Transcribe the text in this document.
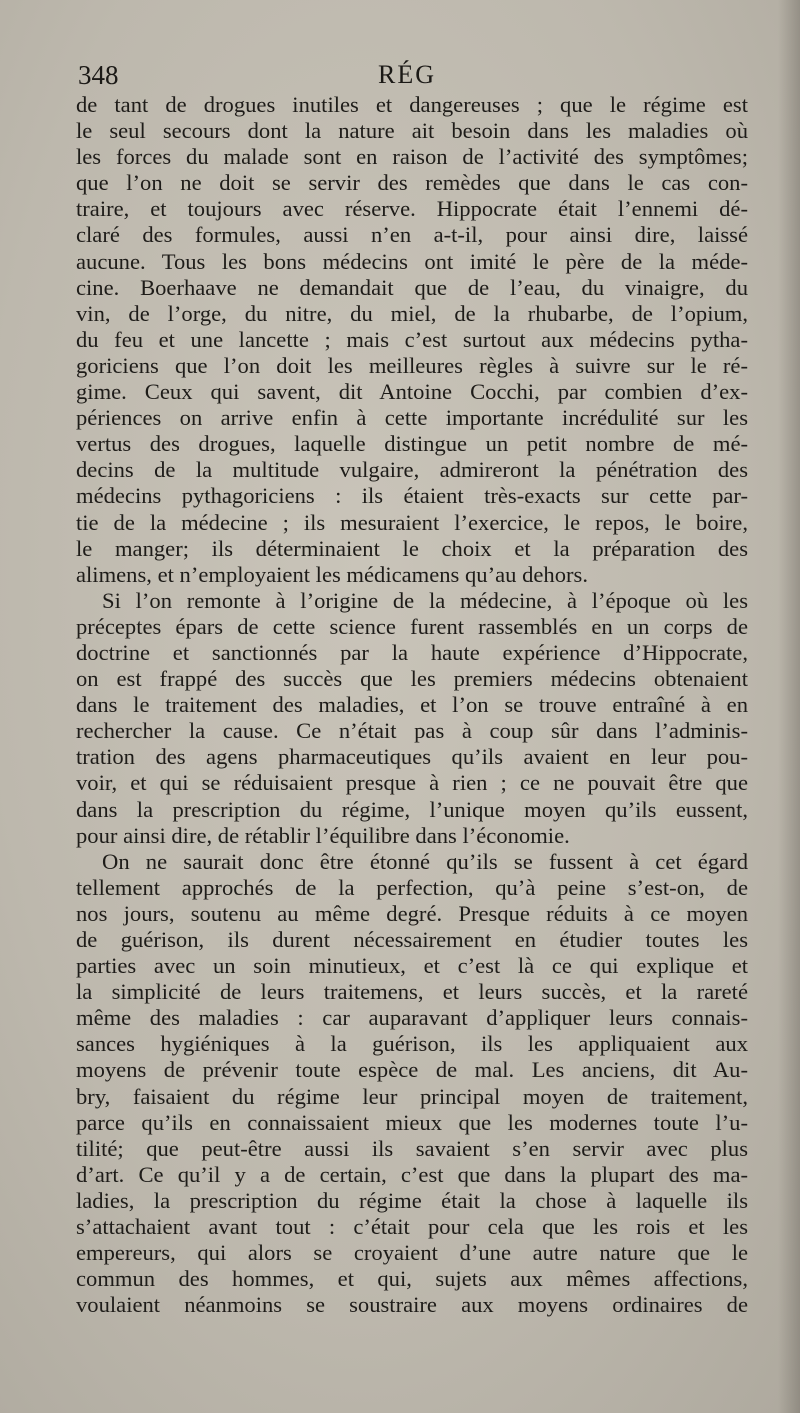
348	RÉG
de tant de drogues inutiles et dangereuses ; que le régime est
le seul secours dont la nature ait besoin dans les maladies où
les forces du malade sont en raison de l’activité des symptômes;
que l’on ne doit se servir des remèdes que dans le cas con-
traire, et toujours avec réserve. Hippocrate était l’ennemi dé-
claré des formules, aussi n’en a-t-il, pour ainsi dire, laissé
aucune. Tous les bons médecins ont imité le père de la méde-
cine. Boerhaave ne demandait que de l’eau, du vinaigre, du
vin, de l’orge, du nitre, du miel, de la rhubarbe, de l’opium,
du feu et une lancette ; mais c’est surtout aux médecins pytha-
goriciens que l’on doit les meilleures règles à suivre sur le ré-
gime. Ceux qui savent, dit Antoine Cocchi, par combien d’ex-
périences on arrive enfin à cette importante incrédulité sur les
vertus des drogues, laquelle distingue un petit nombre de mé-
decins de la multitude vulgaire, admireront la pénétration des
médecins pythagoriciens : ils étaient très-exacts sur cette par-
tie de la médecine ; ils mesuraient l’exercice, le repos, le boire,
le manger; ils déterminaient le choix et la préparation des
alimens, et n’employaient les médicamens qu’au dehors.
Si l’on remonte à l’origine de la médecine, à l’époque où les
préceptes épars de cette science furent rassemblés en un corps de
doctrine et sanctionnés par la haute expérience d’Hippocrate,
on est frappé des succès que les premiers médecins obtenaient
dans le traitement des maladies, et l’on se trouve entraîné à en
rechercher la cause. Ce n’était pas à coup sûr dans l’adminis-
tration des agens pharmaceutiques qu’ils avaient en leur pou-
voir, et qui se réduisaient presque à rien ; ce ne pouvait être que
dans la prescription du régime, l’unique moyen qu’ils eussent,
pour ainsi dire, de rétablir l’équilibre dans l’économie.
On ne saurait donc être étonné qu’ils se fussent à cet égard
tellement approchés de la perfection, qu’à peine s’est-on, de
nos jours, soutenu au même degré. Presque réduits à ce moyen
de guérison, ils durent nécessairement en étudier toutes les
parties avec un soin minutieux, et c’est là ce qui explique et
la simplicité de leurs traitemens, et leurs succès, et la rareté
même des maladies : car auparavant d’appliquer leurs connais-
sances hygiéniques à la guérison, ils les appliquaient aux
moyens de prévenir toute espèce de mal. Les anciens, dit Au-
bry, faisaient du régime leur principal moyen de traitement,
parce qu’ils en connaissaient mieux que les modernes toute l’u-
tilité; que peut-être aussi ils savaient s’en servir avec plus
d’art. Ce qu’il y a de certain, c’est que dans la plupart des ma-
ladies, la prescription du régime était la chose à laquelle ils
s’attachaient avant tout : c’était pour cela que les rois et les
empereurs, qui alors se croyaient d’une autre nature que le
commun des hommes, et qui, sujets aux mêmes affections,
voulaient néanmoins se soustraire aux moyens ordinaires de
